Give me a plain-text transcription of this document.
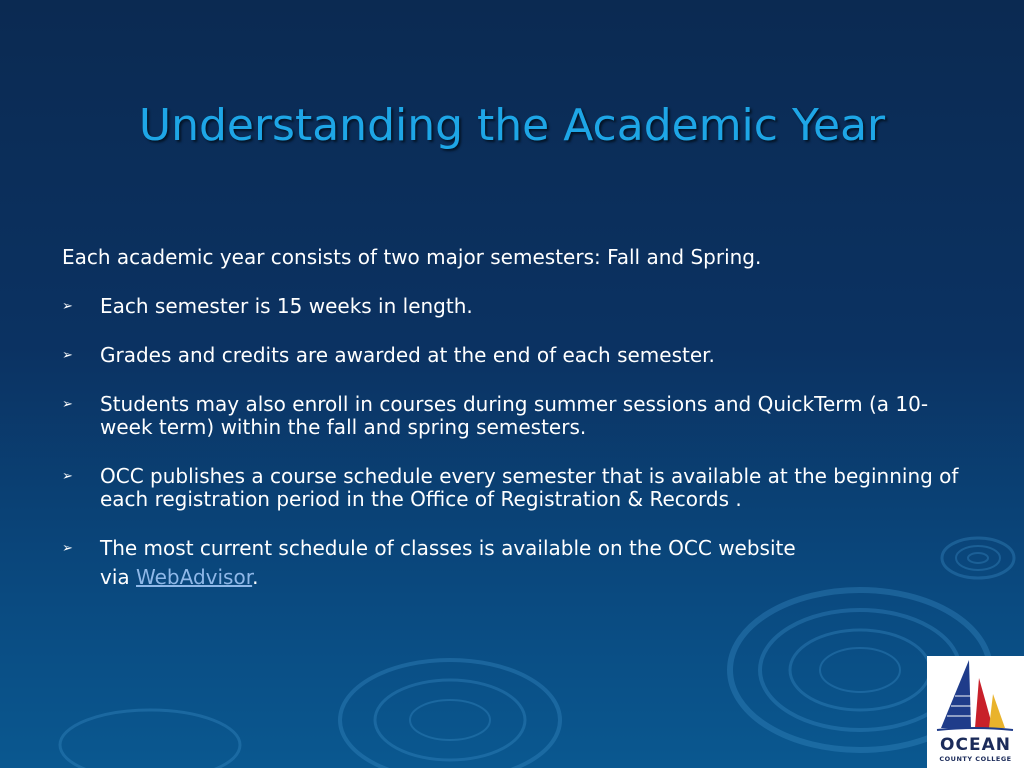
Understanding the Academic Year

Each academic year consists of two major semesters: Fall and Spring.

➢ Each semester is 15 weeks in length.
➢ Grades and credits are awarded at the end of each semester.
➢ Students may also enroll in courses during summer sessions and QuickTerm (a 10-week term) within the fall and spring semesters.
➢ OCC publishes a course schedule every semester that is available at the beginning of each registration period in the Office of Registration & Records .
➢ The most current schedule of classes is available on the OCC website
via WebAdvisor.
OCEAN
COUNTY COLLEGE
